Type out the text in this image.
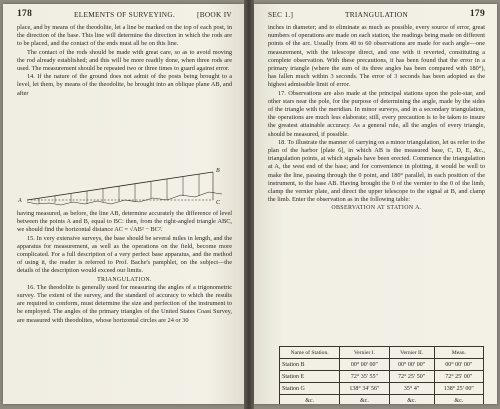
178	ELEMENTS OF SURVEYING.	[BOOK IV

place, and by means of the theodolite, let a line be marked on the top of each post, in the direction of the base. This line will determine the direction in which the rods are to be placed, and the contact of the ends must all be on this line.

The contact of the rods should be made with great care, so as to avoid moving the rod already established; and this will be more readily done, when three rods are used. The measurement should be repeated two or three times to guard against error.

14. If the nature of the ground does not admit of the posts being brought to a level, let them, by means of the theodolite, be brought into an oblique plane AB, and after

A
B
C

having measured, as before, the line AB, determine accurately the difference of level between the points A and B, equal to BC: then, from the right-angled triangle ABC, we should find the horizontal distance AC = √AB² − BC².

15. In very extensive surveys, the base should be several miles in length, and the apparatus for measurement, as well as the operations on the field, become more complicated. For a full description of a very perfect base apparatus, and the method of using it, the reader is referred to Prof. Bache's pamphlet, on the subject—the details of the description would exceed our limits.

TRIANGULATION.

16. The theodolite is generally used for measuring the angles of a trigonometric survey. The extent of the survey, and the standard of accuracy to which the results are required to conform, must determine the size and perfection of the instrument to be employed. The angles of the primary triangles of the United States Coast Survey, are measured with theodolites, whose horizontal circles are 24 or 30

SEC 1.]	TRIANGULATION	179

inches in diameter; and to eliminate as much as possible, every source of error, great numbers of operations are made on each station, the readings being made on different points of the arc. Usually from 40 to 60 observations are made for each angle—one measurement, with the telescope direct, and one with it reverted, constituting a complete observation. With these precautions, it has been found that the error in a primary triangle (where the sum of its three angles has been compared with 180°), has fallen much within 3 seconds. The error of 3 seconds has been adopted as the highest admissible limit of error.

17. Observations are also made at the principal stations upon the pole-star, and other stars near the pole, for the purpose of determining the angle, made by the sides of the triangle with the meridian. In minor surveys, and in a secondary triangulation, the operations are much less elaborate; still, every precaution is to be taken to insure the greatest attainable accuracy. As a general rule, all the angles of every triangle, should be measured, if possible.

18. To illustrate the manner of carrying on a minor triangulation, let us refer to the plan of the harbor [plate 6], in which AB is the measured base, C, D, E, &c., triangulation points, at which signals have been erected. Commence the triangulation at A, the west end of the base; and for convenience in plotting, it would be well to make the line, passing through the 0 point, and 180° parallel, in each position of the instrument, to the base AB. Having brought the 0 of the vernier to the 0 of the limb, clamp the vernier plate, and direct the upper telescope to the signal at B, and clamp the limb. Enter the observation as in the following table:

OBSERVATION AT STATION A.

Name of Station.	Vernier I.	Vernier II.	Mean.
Station B	00° 00′ 00″	00° 00′ 00″	00° 00′ 00″
Station E	72° 35′ 55″	72° 25′ 50″	72° 25′ 00″
Station G	138° 34′ 56″	35° 4″	138° 25′ 00″
&c.	&c.	&c.	&c.
